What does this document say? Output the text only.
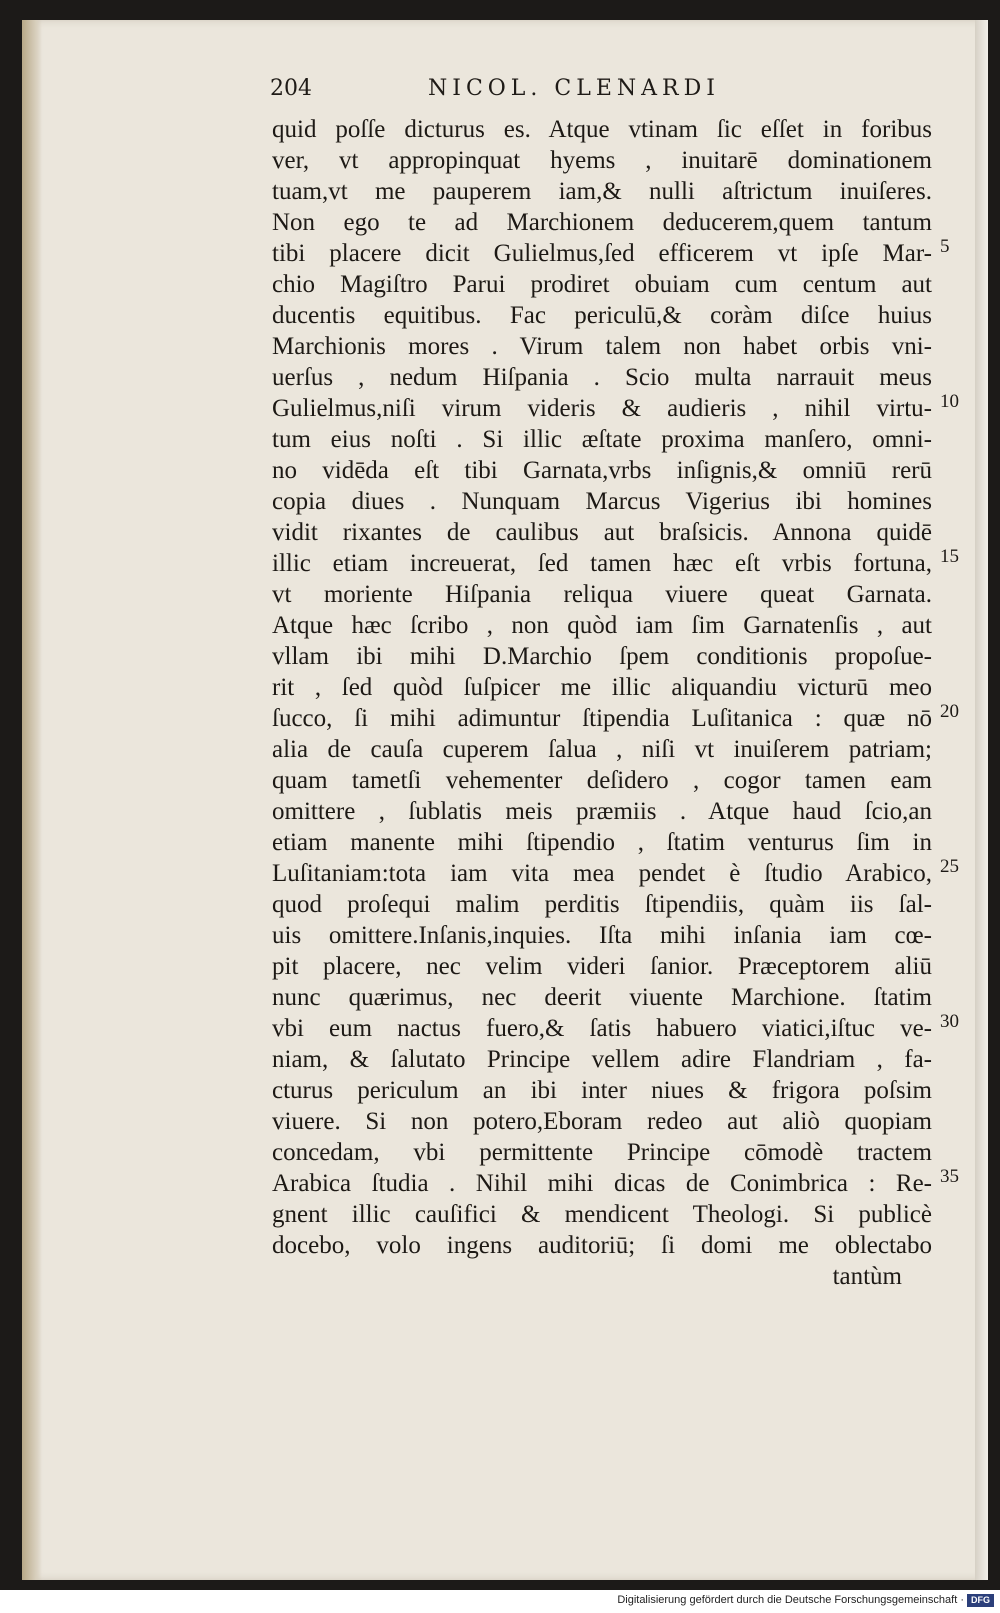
204	NICOL. CLENARDI
quid poſſe dicturus es. Atque vtinam ſic eſſet in foribus
ver, vt appropinquat hyems , inuitarē dominationem
tuam,vt me pauperem iam,& nulli aſtrictum inuiſeres.
Non ego te ad Marchionem deducerem,quem tantum
tibi placere dicit Gulielmus,ſed efficerem vt ipſe Mar-
chio Magiſtro Parui prodiret obuiam cum centum aut
ducentis equitibus. Fac periculū,& coràm diſce huius
Marchionis mores . Virum talem non habet orbis vni-
uerſus , nedum Hiſpania . Scio multa narrauit meus
Gulielmus,niſi virum videris & audieris , nihil virtu-
tum eius noſti . Si illic æſtate proxima manſero, omni-
no vidēda eſt tibi Garnata,vrbs inſignis,& omniū rerū
copia diues . Nunquam Marcus Vigerius ibi homines
vidit rixantes de caulibus aut braſsicis. Annona quidē
illic etiam increuerat, ſed tamen hæc eſt vrbis fortuna,
vt moriente Hiſpania reliqua viuere queat Garnata.
Atque hæc ſcribo , non quòd iam ſim Garnatenſis , aut
vllam ibi mihi D.Marchio ſpem conditionis propoſue-
rit , ſed quòd ſuſpicer me illic aliquandiu victurū meo
ſucco, ſi mihi adimuntur ſtipendia Luſitanica : quæ nō
alia de cauſa cuperem ſalua , niſi vt inuiſerem patriam;
quam tametſi vehementer deſidero , cogor tamen eam
omittere , ſublatis meis præmiis . Atque haud ſcio,an
etiam manente mihi ſtipendio , ſtatim venturus ſim in
Luſitaniam:tota iam vita mea pendet è ſtudio Arabico,
quod proſequi malim perditis ſtipendiis, quàm iis ſal-
uis omittere.Inſanis,inquies. Iſta mihi inſania iam cœ-
pit placere, nec velim videri ſanior. Præceptorem aliū
nunc quærimus, nec deerit viuente Marchione. ſtatim
vbi eum nactus fuero,& ſatis habuero viatici,iſtuc ve-
niam, & ſalutato Principe vellem adire Flandriam , fa-
cturus periculum an ibi inter niues & frigora poſsim
viuere. Si non potero,Eboram redeo aut aliò quopiam
concedam, vbi permittente Principe cōmodè tractem
Arabica ſtudia . Nihil mihi dicas de Conimbrica : Re-
gnent illic cauſifici & mendicent Theologi. Si publicè
docebo, volo ingens auditoriū; ſi domi me oblectabo
tantùm
5
10
15
20
25
30
35
Digitalisierung gefördert durch die Deutsche Forschungsgemeinschaft · DFG
